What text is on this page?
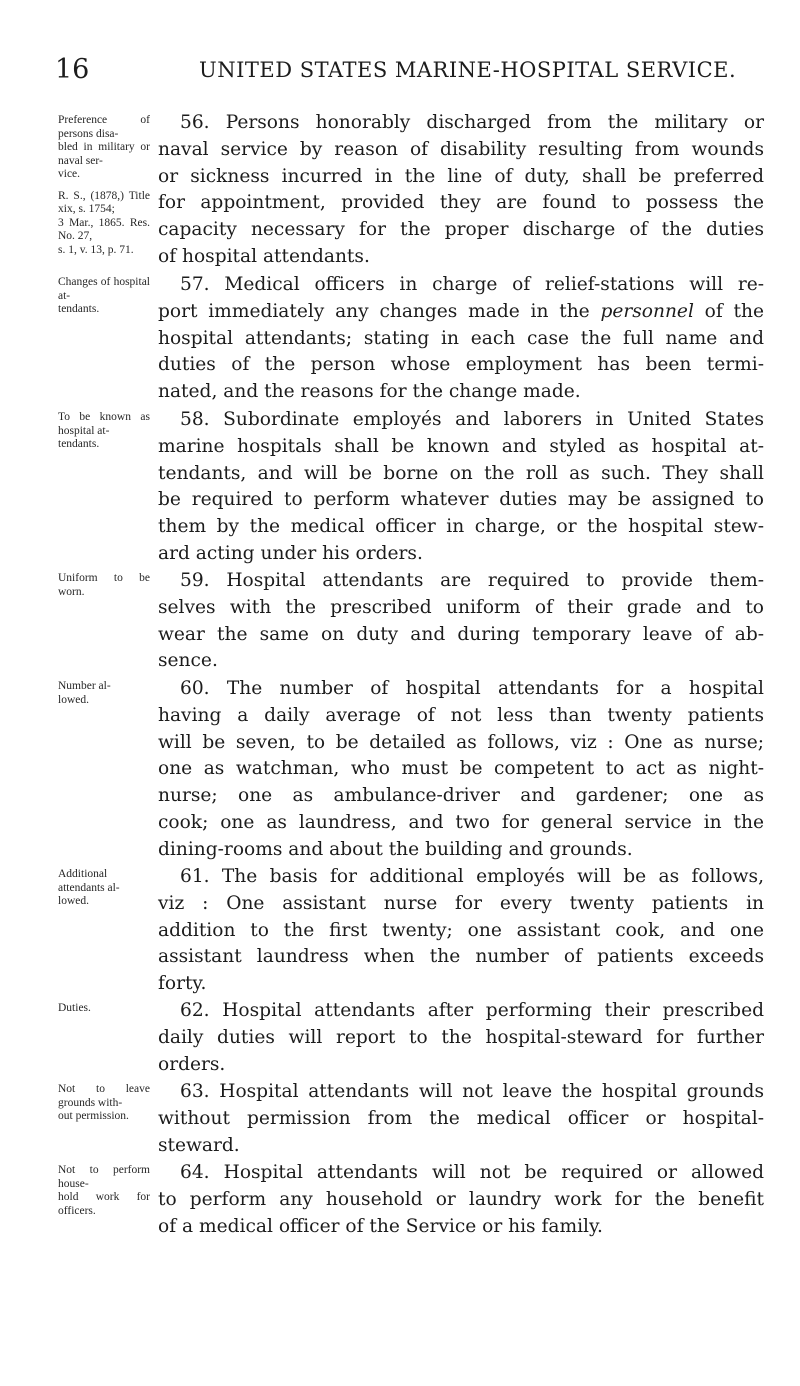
16	UNITED STATES MARINE-HOSPITAL SERVICE.
Preference of persons disa-
bled in military or naval ser-
vice.
R. S., (1878,) Title xix, s. 1754;
3 Mar., 1865. Res. No. 27,
s. 1, v. 13, p. 71.
56. Persons honorably discharged from the military or
naval service by reason of disability resulting from wounds
or sickness incurred in the line of duty, shall be preferred
for appointment, provided they are found to possess the
capacity necessary for the proper discharge of the duties
of hospital attendants.
Changes of hospital at-
tendants.
57. Medical officers in charge of relief-stations will re-
port immediately any changes made in the personnel of the
hospital attendants; stating in each case the full name and
duties of the person whose employment has been termi-
nated, and the reasons for the change made.
To be known as hospital at-
tendants.
58. Subordinate employés and laborers in United States
marine hospitals shall be known and styled as hospital at-
tendants, and will be borne on the roll as such. They shall
be required to perform whatever duties may be assigned to
them by the medical officer in charge, or the hospital stew-
ard acting under his orders.
Uniform to be worn.
59. Hospital attendants are required to provide them-
selves with the prescribed uniform of their grade and to
wear the same on duty and during temporary leave of ab-
sence.
Number al-
lowed.
60. The number of hospital attendants for a hospital
having a daily average of not less than twenty patients
will be seven, to be detailed as follows, viz : One as nurse;
one as watchman, who must be competent to act as night-
nurse; one as ambulance-driver and gardener; one as
cook; one as laundress, and two for general service in the
dining-rooms and about the building and grounds.
Additional attendants al-
lowed.
61. The basis for additional employés will be as follows,
viz : One assistant nurse for every twenty patients in
addition to the first twenty; one assistant cook, and one
assistant laundress when the number of patients exceeds
forty.
Duties.	62. Hospital attendants after performing their prescribed
daily duties will report to the hospital-steward for further
orders.
Not to leave grounds with-
out permission.
63. Hospital attendants will not leave the hospital grounds
without permission from the medical officer or hospital-
steward.
Not to perform house-
hold work for officers.
64. Hospital attendants will not be required or allowed
to perform any household or laundry work for the benefit
of a medical officer of the Service or his family.
